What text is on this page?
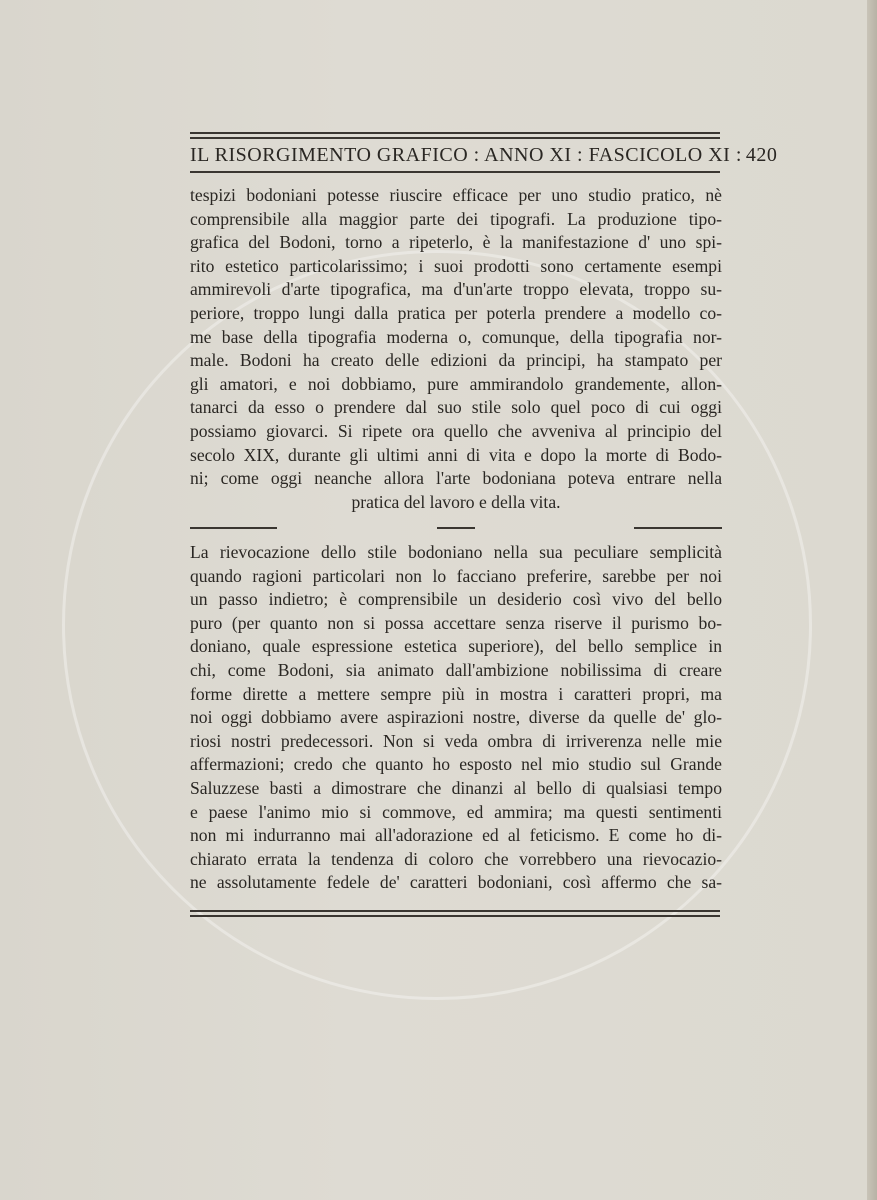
IL RISORGIMENTO GRAFICO : ANNO XI : FASCICOLO XI : 420
tespizi bodoniani potesse riuscire efficace per uno studio pratico, nè
comprensibile alla maggior parte dei tipografi. La produzione tipo-
grafica del Bodoni, torno a ripeterlo, è la manifestazione d' uno spi-
rito estetico particolarissimo; i suoi prodotti sono certamente esempi
ammirevoli d'arte tipografica, ma d'un'arte troppo elevata, troppo su-
periore, troppo lungi dalla pratica per poterla prendere a modello co-
me base della tipografia moderna o, comunque, della tipografia nor-
male. Bodoni ha creato delle edizioni da principi, ha stampato per
gli amatori, e noi dobbiamo, pure ammirandolo grandemente, allon-
tanarci da esso o prendere dal suo stile solo quel poco di cui oggi
possiamo giovarci. Si ripete ora quello che avveniva al principio del
secolo XIX, durante gli ultimi anni di vita e dopo la morte di Bodo-
ni; come oggi neanche allora l'arte bodoniana poteva entrare nella
pratica del lavoro e della vita.
La rievocazione dello stile bodoniano nella sua peculiare semplicità
quando ragioni particolari non lo facciano preferire, sarebbe per noi
un passo indietro; è comprensibile un desiderio così vivo del bello
puro (per quanto non si possa accettare senza riserve il purismo bo-
doniano, quale espressione estetica superiore), del bello semplice in
chi, come Bodoni, sia animato dall'ambizione nobilissima di creare
forme dirette a mettere sempre più in mostra i caratteri propri, ma
noi oggi dobbiamo avere aspirazioni nostre, diverse da quelle de' glo-
riosi nostri predecessori. Non si veda ombra di irriverenza nelle mie
affermazioni; credo che quanto ho esposto nel mio studio sul Grande
Saluzzese basti a dimostrare che dinanzi al bello di qualsiasi tempo
e paese l'animo mio si commove, ed ammira; ma questi sentimenti
non mi indurranno mai all'adorazione ed al feticismo. E come ho di-
chiarato errata la tendenza di coloro che vorrebbero una rievocazio-
ne assolutamente fedele de' caratteri bodoniani, così affermo che sa-
